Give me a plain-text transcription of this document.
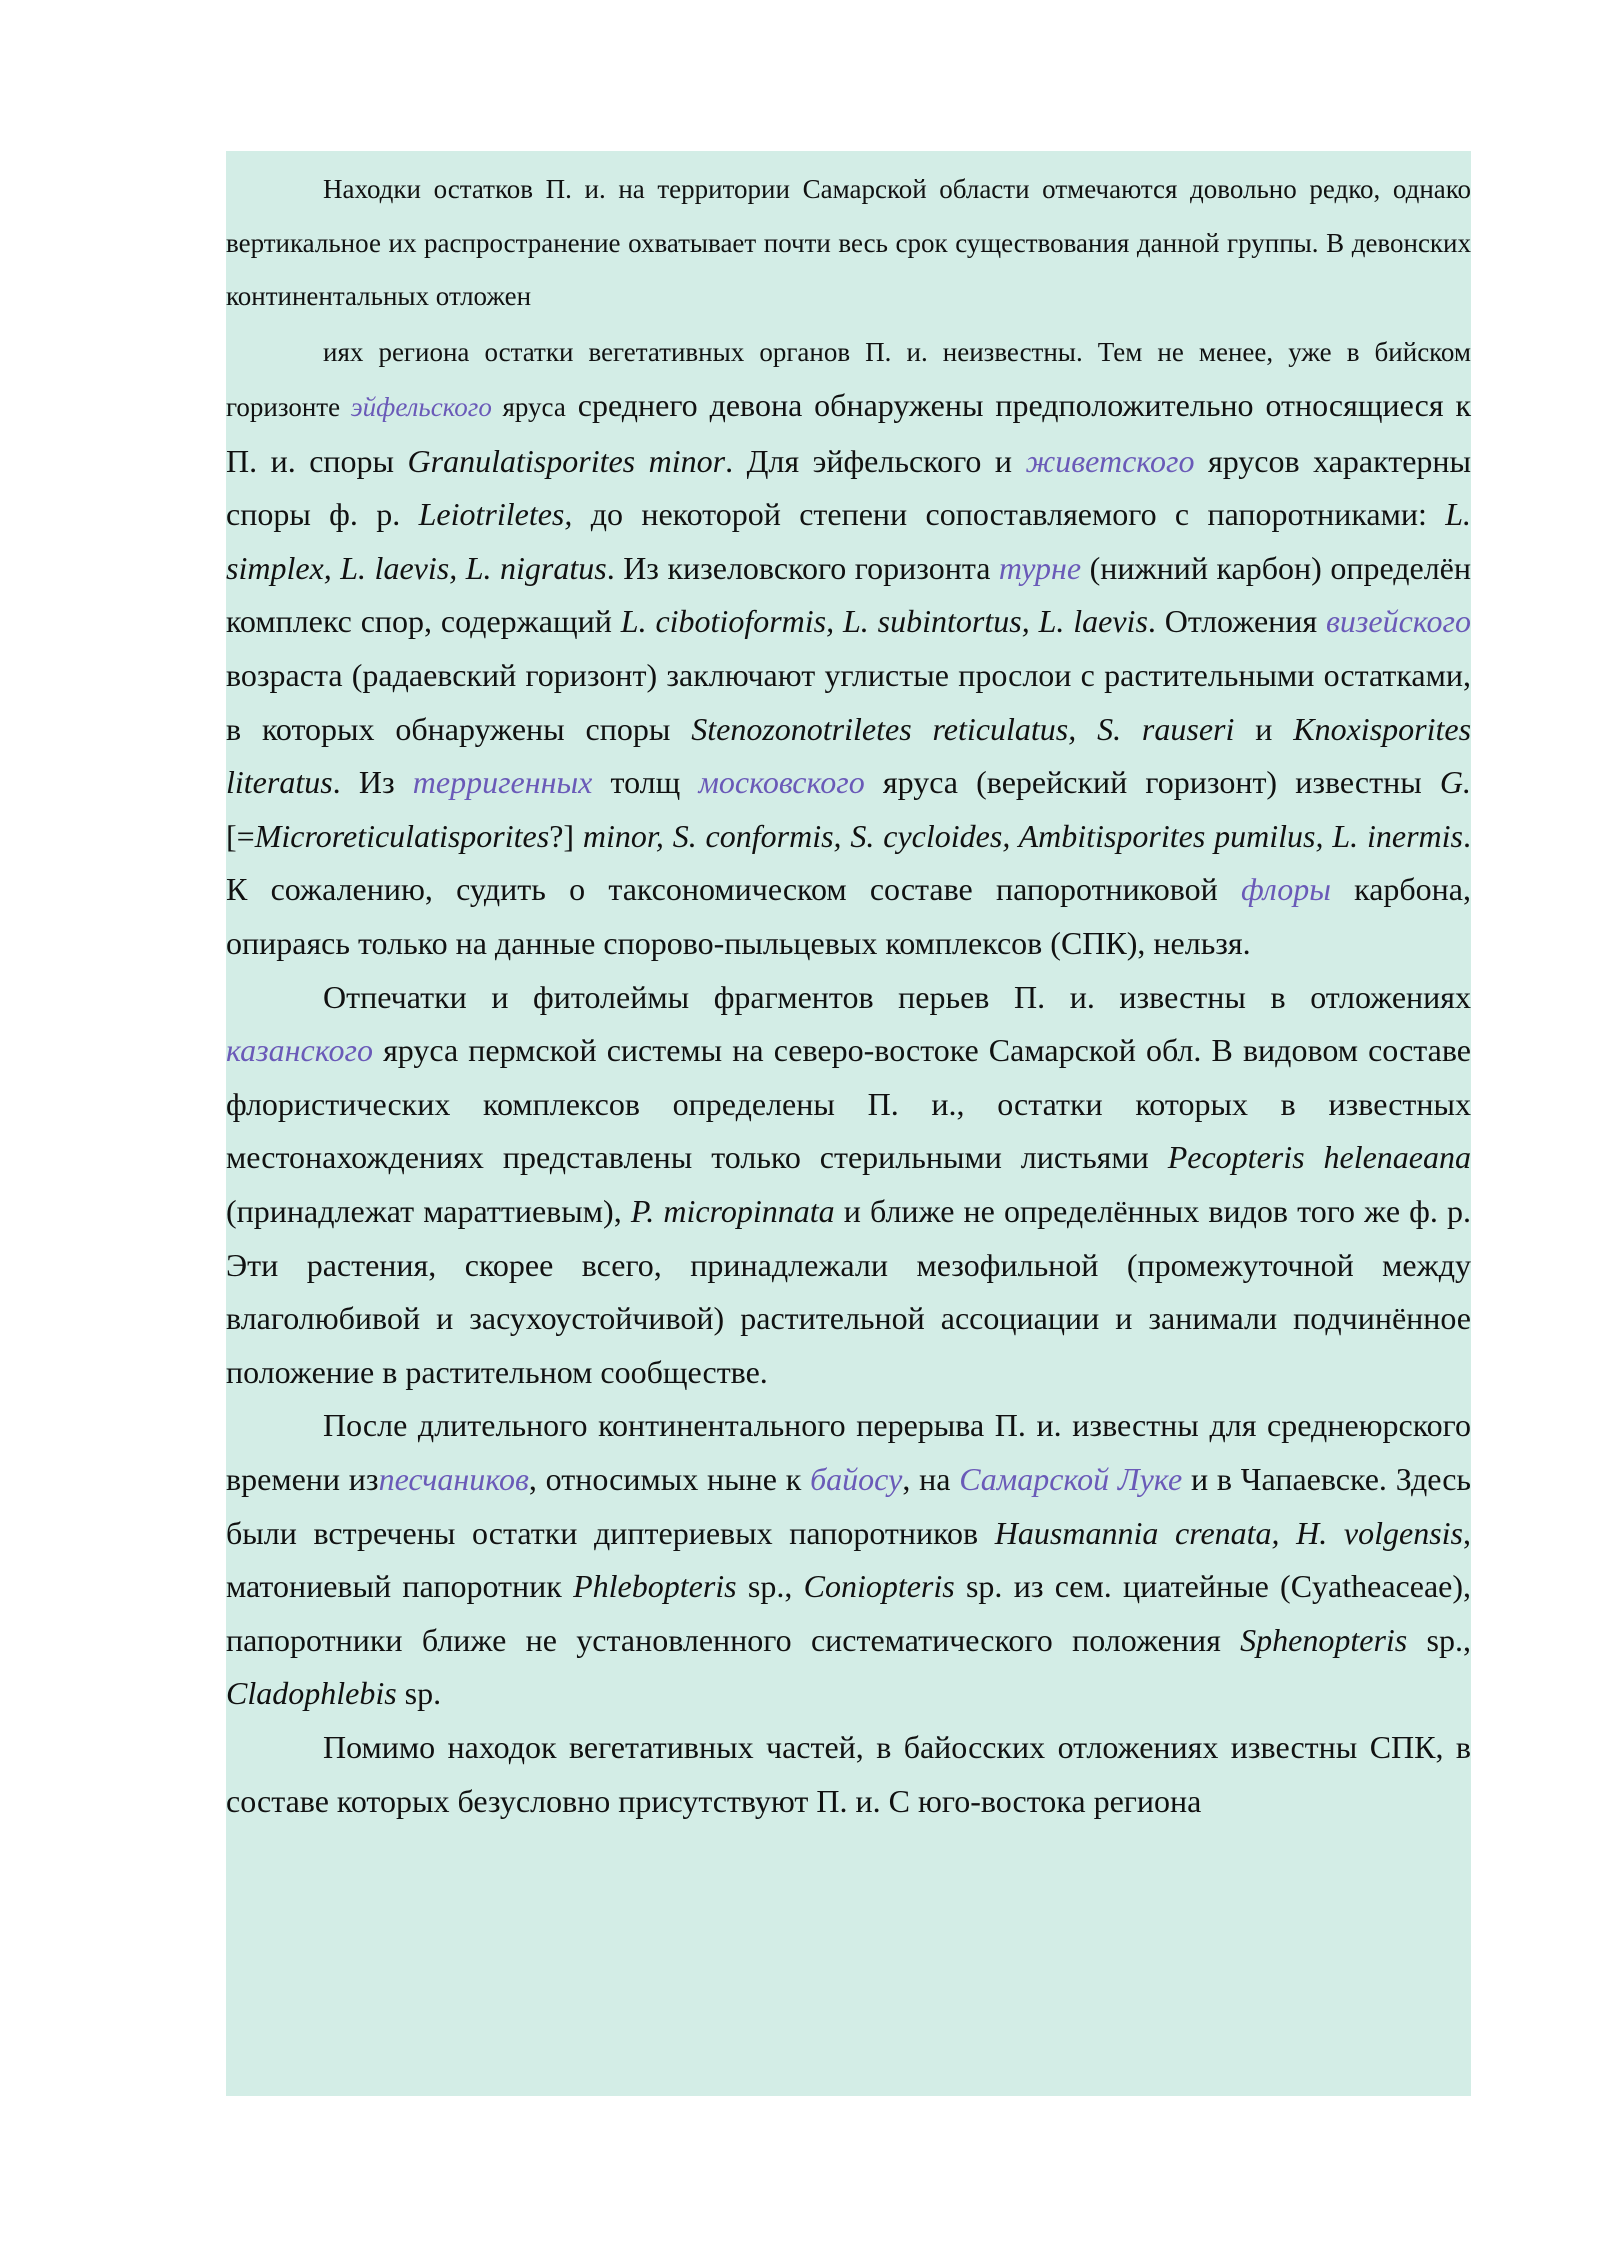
Находки остатков П. и. на территории Самарской области отмечаются довольно редко, однако вертикальное их распространение охватывает почти весь срок существования данной группы. В девонских континентальных отложен

иях региона остатки вегетативных органов П. и. неизвестны. Тем не менее, уже в бийском горизонте эйфельского яруса среднего девона обнаружены предположительно относящиеся к П. и. споры Granulatisporites minor. Для эйфельского и живетского ярусов характерны споры ф. р. Leiotriletes, до некоторой степени сопоставляемого с папоротниками: L. simplex, L. laevis, L. nigratus. Из кизеловского горизонта турне (нижний карбон) определён комплекс спор, содержащий L. cibotioformis, L. subintortus, L. laevis. Отложения визейского возраста (радаевский горизонт) заключают углистые прослои с растительными остатками, в которых обнаружены споры Stenozonotriletes reticulatus, S. rauseri и Knoxisporites literatus. Из терригенных толщ московского яруса (верейский горизонт) известны G. [=Microreticulatisporites?] minor, S. conformis, S. cycloides, Ambitisporites pumilus, L. inermis. К сожалению, судить о таксономическом составе папоротниковой флоры карбона, опираясь только на данные спорово-пыльцевых комплексов (СПК), нельзя.

Отпечатки и фитолеймы фрагментов перьев П. и. известны в отложениях казанского яруса пермской системы на северо-востоке Самарской обл. В видовом составе флористических комплексов определены П. и., остатки которых в известных местонахождениях представлены только стерильными листьями Pecopteris helenaeana (принадлежат мараттиевым), P. micropinnata и ближе не определённых видов того же ф. р. Эти растения, скорее всего, принадлежали мезофильной (промежуточной между влаголюбивой и засухоустойчивой) растительной ассоциации и занимали подчинённое положение в растительном сообществе.

После длительного континентального перерыва П. и. известны для среднеюрского времени изпесчаников, относимых ныне к байосу, на Самарской Луке и в Чапаевске. Здесь были встречены остатки диптериевых папоротников Hausmannia crenata, H. volgensis, матониевый папоротник Phlebopteris sp., Coniopteris sp. из сем. циатейные (Cyatheaceae), папоротники ближе не установленного систематического положения Sphenopteris sp., Cladophlebis sp.

Помимо находок вегетативных частей, в байосских отложениях известны СПК, в составе которых безусловно присутствуют П. и. С юго-востока региона
